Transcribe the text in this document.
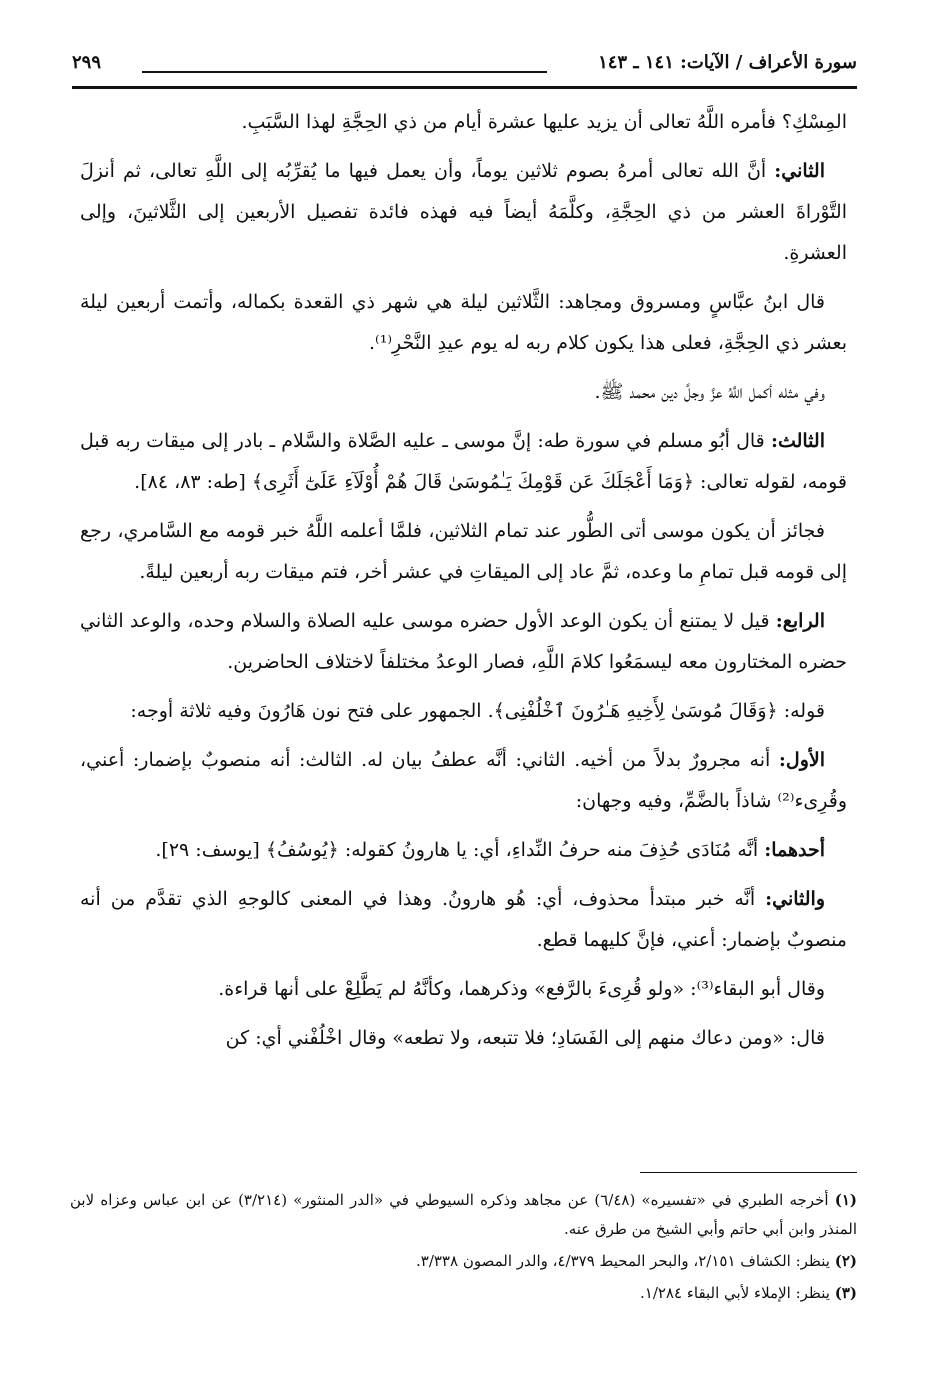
سورة الأعراف / الآيات: ١٤١ ـ ١٤٣
٢٩٩

المِسْكِ؟ فأمره اللَّهُ تعالى أن يزيد عليها عشرة أيام من ذي الحِجَّةِ لهذا السَّبَبِ.

الثاني: أنَّ الله تعالى أمرهُ بصوم ثلاثين يوماً، وأن يعمل فيها ما يُقرِّبُه إلى اللَّهِ تعالى، ثم أنزلَ التَّوْراةَ العشر من ذي الحِجَّةِ، وكلَّمَهُ أيضاً فيه فهذه فائدة تفصيل الأربعين إلى الثَّلاثينَ، وإلى العشرةِ.

قال ابنُ عبَّاسٍ ومسروق ومجاهد: الثَّلاثين ليلة هي شهر ذي القعدة بكماله، وأتمت أربعين ليلة بعشر ذي الحِجَّةِ، فعلى هذا يكون كلام ربه له يوم عيدِ النَّحْرِ⁽¹⁾.

وفي مثله أكمل اللَّهُ عزَّ وجلَّ دين محمد ﷺ.

الثالث: قال أبُو مسلم في سورة طه: إنَّ موسى ـ عليه الصَّلاة والسَّلام ـ بادر إلى ميقات ربه قبل قومه، لقوله تعالى: ﴿وَمَا أَعْجَلَكَ عَن قَوْمِكَ يَـٰمُوسَىٰ قَالَ هُمْ أُوْلَآءِ عَلَىٰٓ أَثَرِى﴾ [طه: ٨٣، ٨٤].

فجائز أن يكون موسى أتى الطُّور عند تمام الثلاثين، فلمَّا أعلمه اللَّهُ خبر قومه مع السَّامري، رجع إلى قومه قبل تمامِ ما وعده، ثمَّ عاد إلى الميقاتِ في عشر أخر، فتم ميقات ربه أربعين ليلةً.

الرابع: قيل لا يمتنع أن يكون الوعد الأول حضره موسى عليه الصلاة والسلام وحده، والوعد الثاني حضره المختارون معه ليسمَعُوا كلامَ اللَّهِ، فصار الوعدُ مختلفاً لاختلاف الحاضرين.

قوله: ﴿وَقَالَ مُوسَىٰ لِأَخِيهِ هَـٰرُونَ ٱخْلُفْنِى﴾. الجمهور على فتح نون هَارُونَ وفيه ثلاثة أوجه:

الأول: أنه مجرورٌ بدلاً من أخيه. الثاني: أنَّه عطفُ بيان له. الثالث: أنه منصوبٌ بإضمار: أعني، وقُرِىء⁽²⁾ شاذاً بالضَّمِّ، وفيه وجهان:

أحدهما: أنَّه مُنَادَى حُذِفَ منه حرفُ النِّداءِ، أي: يا هارونُ كقوله: ﴿يُوسُفُ﴾ [يوسف: ٢٩].

والثاني: أنَّه خبر مبتدأ محذوف، أي: هُو هارونُ. وهذا في المعنى كالوجهِ الذي تقدَّم من أنه منصوبٌ بإضمار: أعني، فإنَّ كليهما قطع.

وقال أبو البقاء⁽³⁾: «ولو قُرِىءَ بالرَّفع» وذكرهما، وكأنَّهُ لم يَطَّلِعْ على أنها قراءة.

قال: «ومن دعاك منهم إلى الفَسَادِ؛ فلا تتبعه، ولا تطعه» وقال اخْلُفْني أي: كن

(١) أخرجه الطبري في «تفسيره» (٦/٤٨) عن مجاهد وذكره السيوطي في «الدر المنثور» (٣/٢١٤) عن ابن عباس وعزاه لابن المنذر وابن أبي حاتم وأبي الشيخ من طرق عنه.

(٢) ينظر: الكشاف ٢/١٥١، والبحر المحيط ٤/٣٧٩، والدر المصون ٣/٣٣٨.

(٣) ينظر: الإملاء لأبي البقاء ١/٢٨٤.
